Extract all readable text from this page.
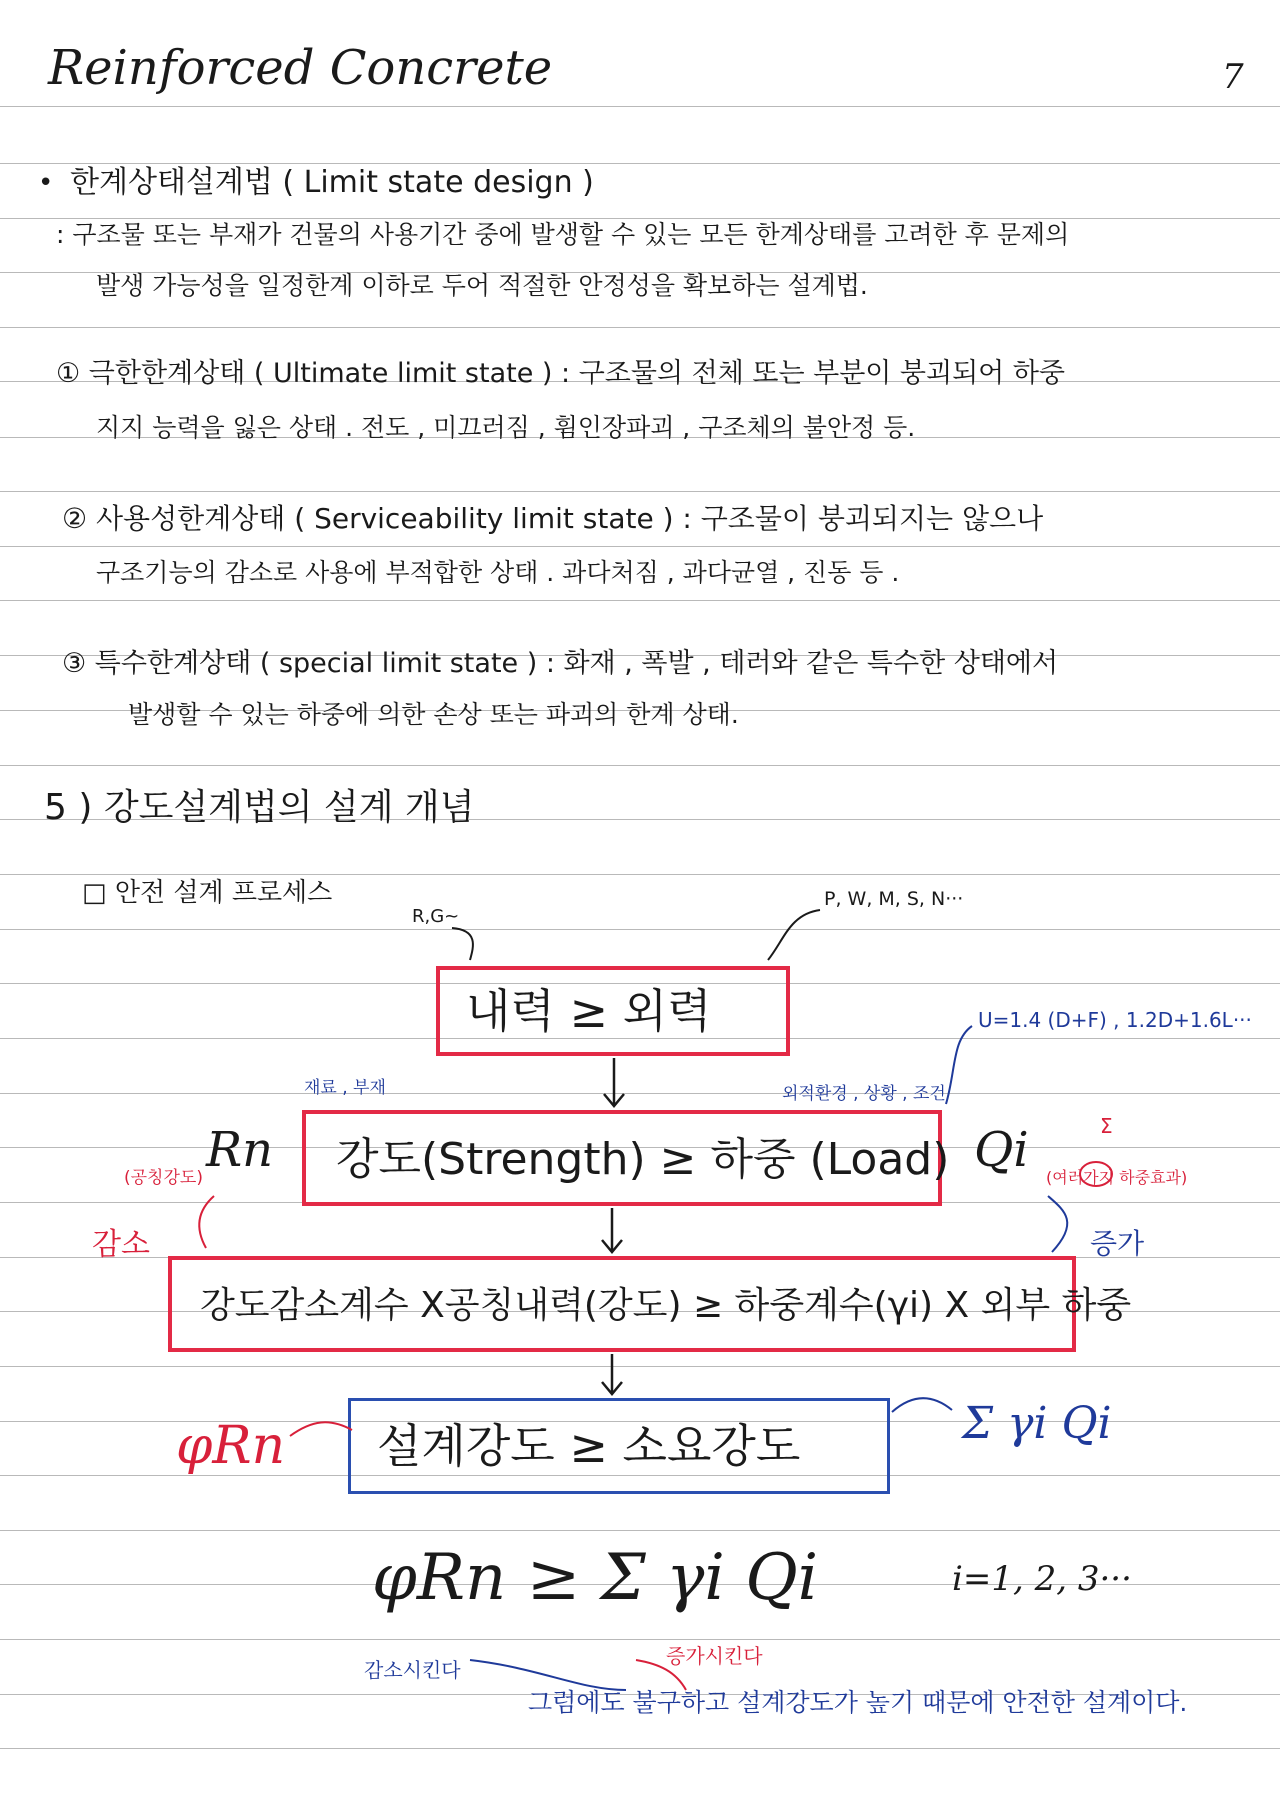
Reinforced Concrete	7
• 한계상태설계법 ( Limit state design )
: 구조물 또는 부재가 건물의 사용기간 중에 발생할 수 있는 모든 한계상태를 고려한 후 문제의
발생 가능성을 일정한계 이하로 두어 적절한 안정성을 확보하는 설계법.
① 극한한계상태 ( Ultimate limit state ) : 구조물의 전체 또는 부분이 붕괴되어 하중
지지 능력을 잃은 상태 . 전도 , 미끄러짐 , 휨인장파괴 , 구조체의 불안정 등.
② 사용성한계상태 ( Serviceability limit state ) : 구조물이 붕괴되지는 않으나
구조기능의 감소로 사용에 부적합한 상태 . 과다처짐 , 과다균열 , 진동 등 .
③ 특수한계상태 ( special limit state ) : 화재 , 폭발 , 테러와 같은 특수한 상태에서
발생할 수 있는 하중에 의한 손상 또는 파괴의 한계 상태.
5 ) 강도설계법의 설계 개념
□ 안전 설계 프로세스
R,G~
P, W, M, S, N···
내력 ≥ 외력	U=1.4 (D+F) , 1.2D+1.6L···
재료 , 부재	외적환경 , 상황 , 조건
Rn
(공칭강도)	강도(Strength) ≥ 하중 (Load) Qi	Σ
(여러가지 하중효과)
감소	증가
강도감소계수 X공칭내력(강도) ≥ 하중계수(γi) X 외부 하중
φRn 설계강도 ≥ 소요강도	Σ γi Qi
φRn ≥ Σ γi Qi	i=1, 2, 3···
감소시킨다
증가시킨다
그럼에도 불구하고 설계강도가 높기 때문에 안전한 설계이다.
